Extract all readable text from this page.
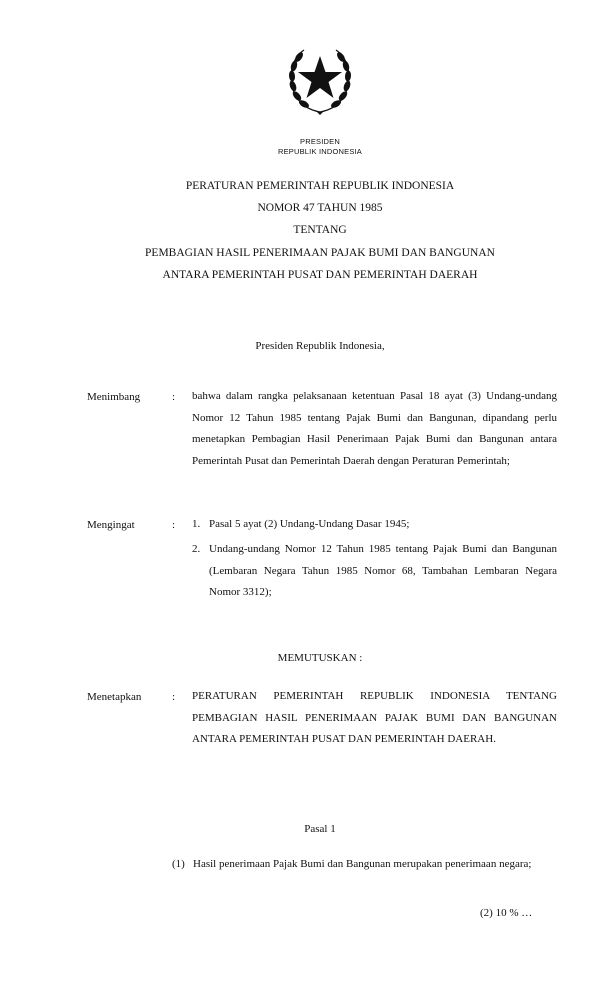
PRESIDEN
REPUBLIK INDONESIA
PERATURAN PEMERINTAH REPUBLIK INDONESIA
NOMOR 47 TAHUN 1985
TENTANG
PEMBAGIAN HASIL PENERIMAAN PAJAK BUMI DAN BANGUNAN
ANTARA PEMERINTAH PUSAT DAN PEMERINTAH DAERAH
Presiden Republik Indonesia,
Menimbang	: bahwa dalam rangka pelaksanaan ketentuan Pasal 18 ayat (3) Undang-undang Nomor 12 Tahun 1985 tentang Pajak Bumi dan Bangunan, dipandang perlu menetapkan Pembagian Hasil Penerimaan Pajak Bumi dan Bangunan antara Pemerintah Pusat dan Pemerintah Daerah dengan Peraturan Pemerintah;
Mengingat	: 1. Pasal 5 ayat (2) Undang-Undang Dasar 1945;
2. Undang-undang Nomor 12 Tahun 1985 tentang Pajak Bumi dan Bangunan (Lembaran Negara Tahun 1985 Nomor 68, Tambahan Lembaran Negara Nomor 3312);
MEMUTUSKAN :
Menetapkan	: PERATURAN PEMERINTAH REPUBLIK INDONESIA TENTANG PEMBAGIAN HASIL PENERIMAAN PAJAK BUMI DAN BANGUNAN ANTARA PEMERINTAH PUSAT DAN PEMERINTAH DAERAH.
Pasal 1
(1) Hasil penerimaan Pajak Bumi dan Bangunan merupakan penerimaan negara;
(2) 10 % …
